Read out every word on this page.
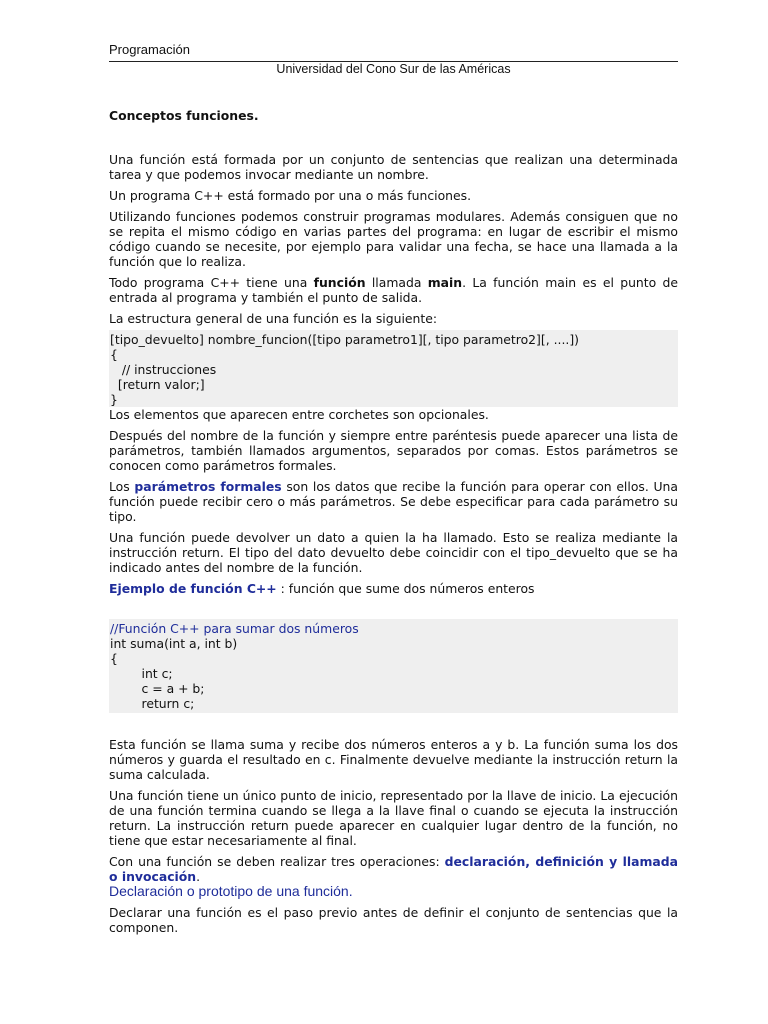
Programación
Universidad del Cono Sur de las Américas

Conceptos funciones.

Una función está formada por un conjunto de sentencias que realizan una determinada tarea y que podemos invocar mediante un nombre.

Un programa C++ está formado por una o más funciones.

Utilizando funciones podemos construir programas modulares. Además consiguen que no se repita el mismo código en varias partes del programa: en lugar de escribir el mismo código cuando se necesite, por ejemplo para validar una fecha, se hace una llamada a la función que lo realiza.

Todo programa C++ tiene una función llamada main. La función main es el punto de entrada al programa y también el punto de salida.

La estructura general de una función es la siguiente:

[tipo_devuelto] nombre_funcion([tipo parametro1][, tipo parametro2][, ....])
{
// instrucciones
[return valor;]
}

Los elementos que aparecen entre corchetes son opcionales.

Después del nombre de la función y siempre entre paréntesis puede aparecer una lista de parámetros, también llamados argumentos, separados por comas. Estos parámetros se conocen como parámetros formales.

Los parámetros formales son los datos que recibe la función para operar con ellos. Una función puede recibir cero o más parámetros. Se debe especificar para cada parámetro su tipo.

Una función puede devolver un dato a quien la ha llamado. Esto se realiza mediante la instrucción return. El tipo del dato devuelto debe coincidir con el tipo_devuelto que se ha indicado antes del nombre de la función.

Ejemplo de función C++ : función que sume dos números enteros

//Función C++ para sumar dos números
int suma(int a, int b)
{
int c;
c = a + b;
return c;

Esta función se llama suma y recibe dos números enteros a y b. La función suma los dos números y guarda el resultado en c. Finalmente devuelve mediante la instrucción return la suma calculada.

Una función tiene un único punto de inicio, representado por la llave de inicio. La ejecución de una función termina cuando se llega a la llave final o cuando se ejecuta la instrucción return. La instrucción return puede aparecer en cualquier lugar dentro de la función, no tiene que estar necesariamente al final.

Con una función se deben realizar tres operaciones: declaración, definición y llamada o invocación.

Declaración o prototipo de una función.

Declarar una función es el paso previo antes de definir el conjunto de sentencias que la componen.
